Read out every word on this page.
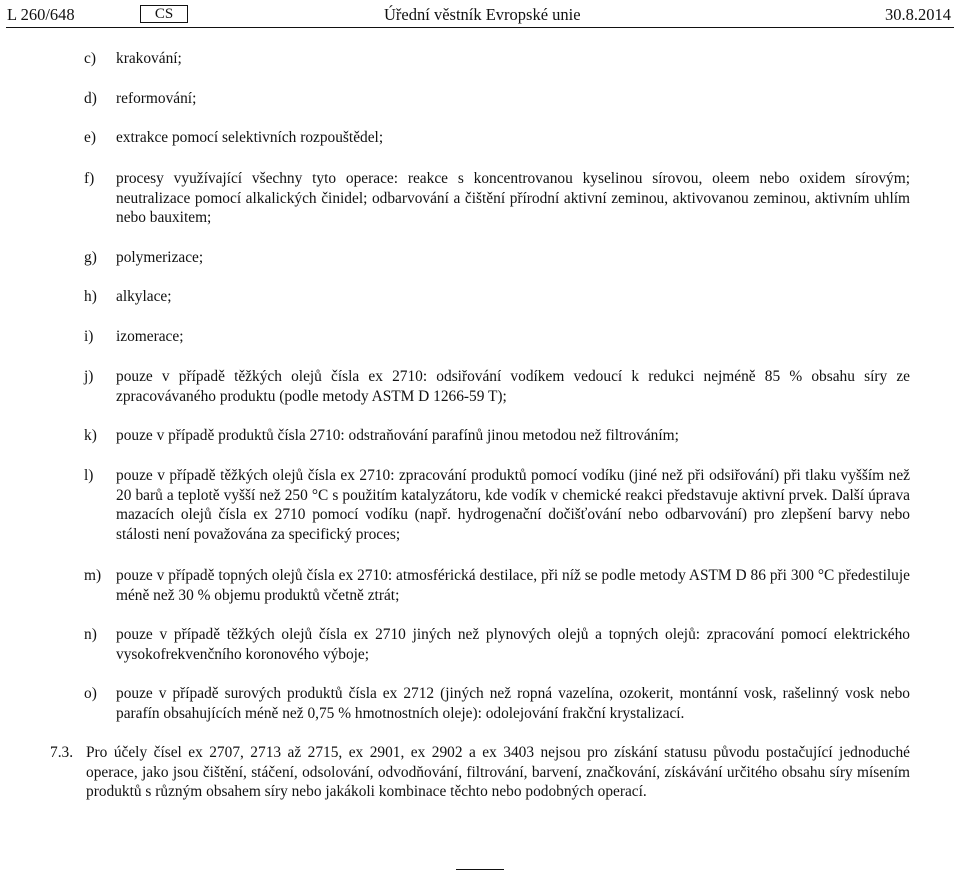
L 260/648	CS	Úřední věstník Evropské unie	30.8.2014
c) krakování;
d) reformování;
e) extrakce pomocí selektivních rozpouštědel;
f) procesy využívající všechny tyto operace: reakce s koncentrovanou kyselinou sírovou, oleem nebo oxidem sírovým; neutralizace pomocí alkalických činidel; odbarvování a čištění přírodní aktivní zeminou, aktivovanou zeminou, aktivním uhlím nebo bauxitem;
g) polymerizace;
h) alkylace;
i) izomerace;
j) pouze v případě těžkých olejů čísla ex 2710: odsiřování vodíkem vedoucí k redukci nejméně 85 % obsahu síry ze zpracovávaného produktu (podle metody ASTM D 1266-59 T);
k) pouze v případě produktů čísla 2710: odstraňování parafínů jinou metodou než filtrováním;
l) pouze v případě těžkých olejů čísla ex 2710: zpracování produktů pomocí vodíku (jiné než při odsiřování) při tlaku vyšším než 20 barů a teplotě vyšší než 250 °C s použitím katalyzátoru, kde vodík v chemické reakci představuje aktivní prvek. Další úprava mazacích olejů čísla ex 2710 pomocí vodíku (např. hydrogenační dočišťování nebo odbarvování) pro zlepšení barvy nebo stálosti není považována za specifický proces;
m) pouze v případě topných olejů čísla ex 2710: atmosférická destilace, při níž se podle metody ASTM D 86 při 300 °C předestiluje méně než 30 % objemu produktů včetně ztrát;
n) pouze v případě těžkých olejů čísla ex 2710 jiných než plynových olejů a topných olejů: zpracování pomocí elektrického vysokofrekvenčního koronového výboje;
o) pouze v případě surových produktů čísla ex 2712 (jiných než ropná vazelína, ozokerit, montánní vosk, rašelinný vosk nebo parafín obsahujících méně než 0,75 % hmotnostních oleje): odolejování frakční krystalizací.
7.3. Pro účely čísel ex 2707, 2713 až 2715, ex 2901, ex 2902 a ex 3403 nejsou pro získání statusu původu postačující jednoduché operace, jako jsou čištění, stáčení, odsolování, odvodňování, filtrování, barvení, značkování, získávání určitého obsahu síry mísením produktů s různým obsahem síry nebo jakákoli kombinace těchto nebo podobných operací.
